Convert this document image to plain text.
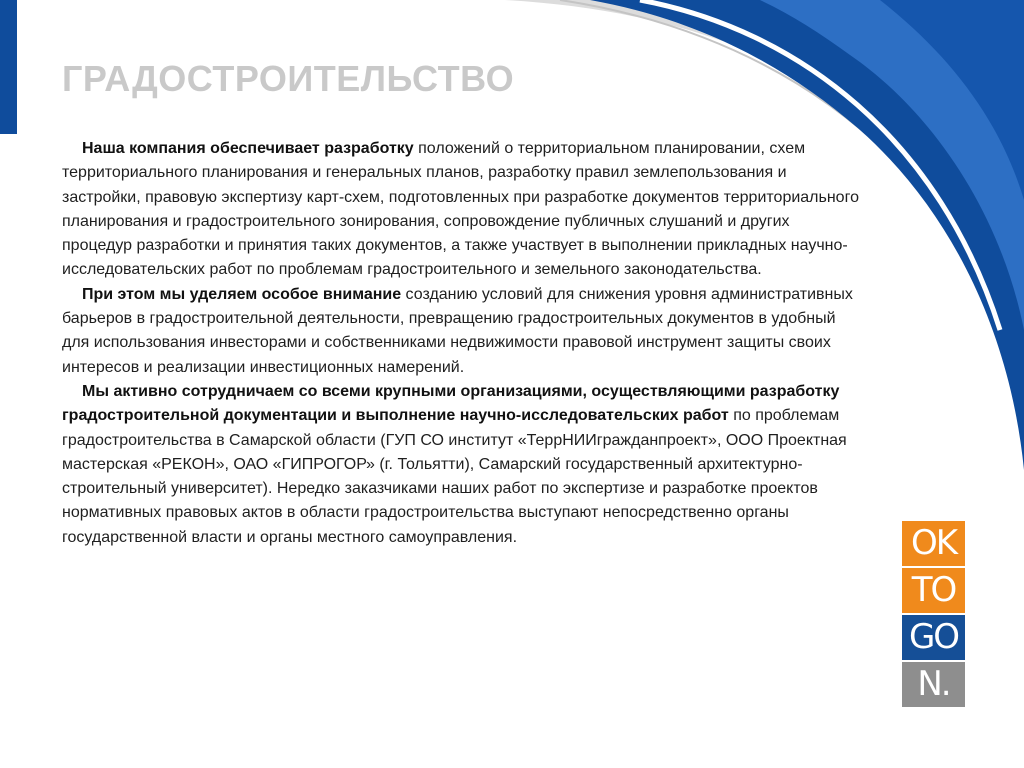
ГРАДОСТРОИТЕЛЬСТВО

Наша компания обеспечивает разработку положений о территориальном планировании, схем территориального планирования и генеральных планов, разработку правил землепользования и застройки, правовую экспертизу карт-схем, подготовленных при разработке документов территориального планирования и градостроительного зонирования, сопровождение публичных слушаний и других процедур разработки и принятия таких документов, а также участвует в выполнении прикладных научно-исследовательских работ по проблемам градостроительного и земельного законодательства.

При этом мы уделяем особое внимание созданию условий для снижения уровня административных барьеров в градостроительной деятельности, превращению градостроительных документов в удобный для использования инвесторами и собственниками недвижимости правовой инструмент защиты своих интересов и реализации инвестиционных намерений.

Мы активно сотрудничаем со всеми крупными организациями, осуществляющими разработку градостроительной документации и выполнение научно-исследовательских работ по проблемам градостроительства в Самарской области (ГУП СО институт «ТеррНИИгражданпроект», ООО Проектная мастерская «РЕКОН», ОАО «ГИПРОГОР» (г. Тольятти), Самарский государственный архитектурно-строительный университет). Нередко заказчиками наших работ по экспертизе и разработке проектов нормативных правовых актов в области градостроительства выступают непосредственно органы государственной власти и органы местного самоуправления.	OK
TO
GO
N.
